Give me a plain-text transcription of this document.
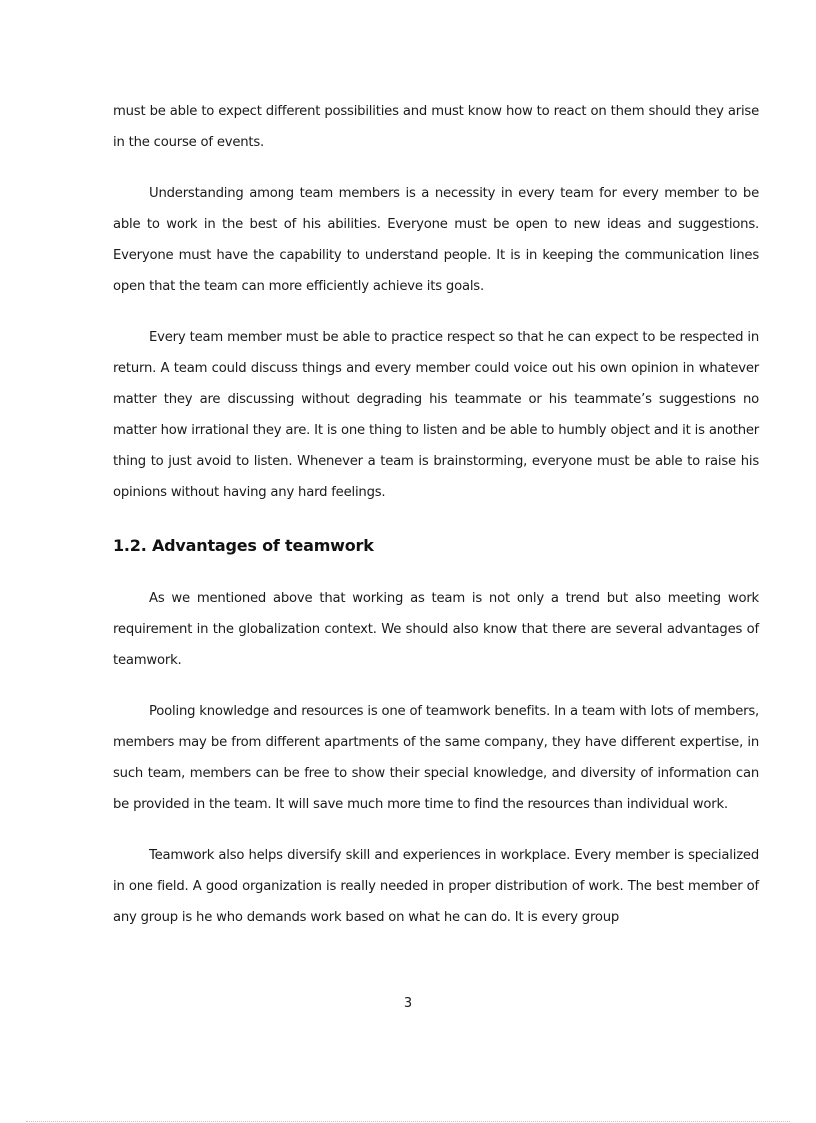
must be able to expect different possibilities and must know how to react on them should they arise in the course of events.

Understanding among team members is a necessity in every team for every member to be able to work in the best of his abilities. Everyone must be open to new ideas and suggestions. Everyone must have the capability to understand people. It is in keeping the communication lines open that the team can more efficiently achieve its goals.

Every team member must be able to practice respect so that he can expect to be respected in return. A team could discuss things and every member could voice out his own opinion in whatever matter they are discussing without degrading his teammate or his teammate’s suggestions no matter how irrational they are. It is one thing to listen and be able to humbly object and it is another thing to just avoid to listen. Whenever a team is brainstorming, everyone must be able to raise his opinions without having any hard feelings.

1.2. Advantages of teamwork

As we mentioned above that working as team is not only a trend but also meeting work requirement in the globalization context. We should also know that there are several advantages of teamwork.

Pooling knowledge and resources is one of teamwork benefits. In a team with lots of members, members may be from different apartments of the same company, they have different expertise, in such team, members can be free to show their special knowledge, and diversity of information can be provided in the team. It will save much more time to find the resources than individual work.

Teamwork also helps diversify skill and experiences in workplace. Every member is specialized in one field. A good organization is really needed in proper distribution of work. The best member of any group is he who demands work based on what he can do. It is every group

3
